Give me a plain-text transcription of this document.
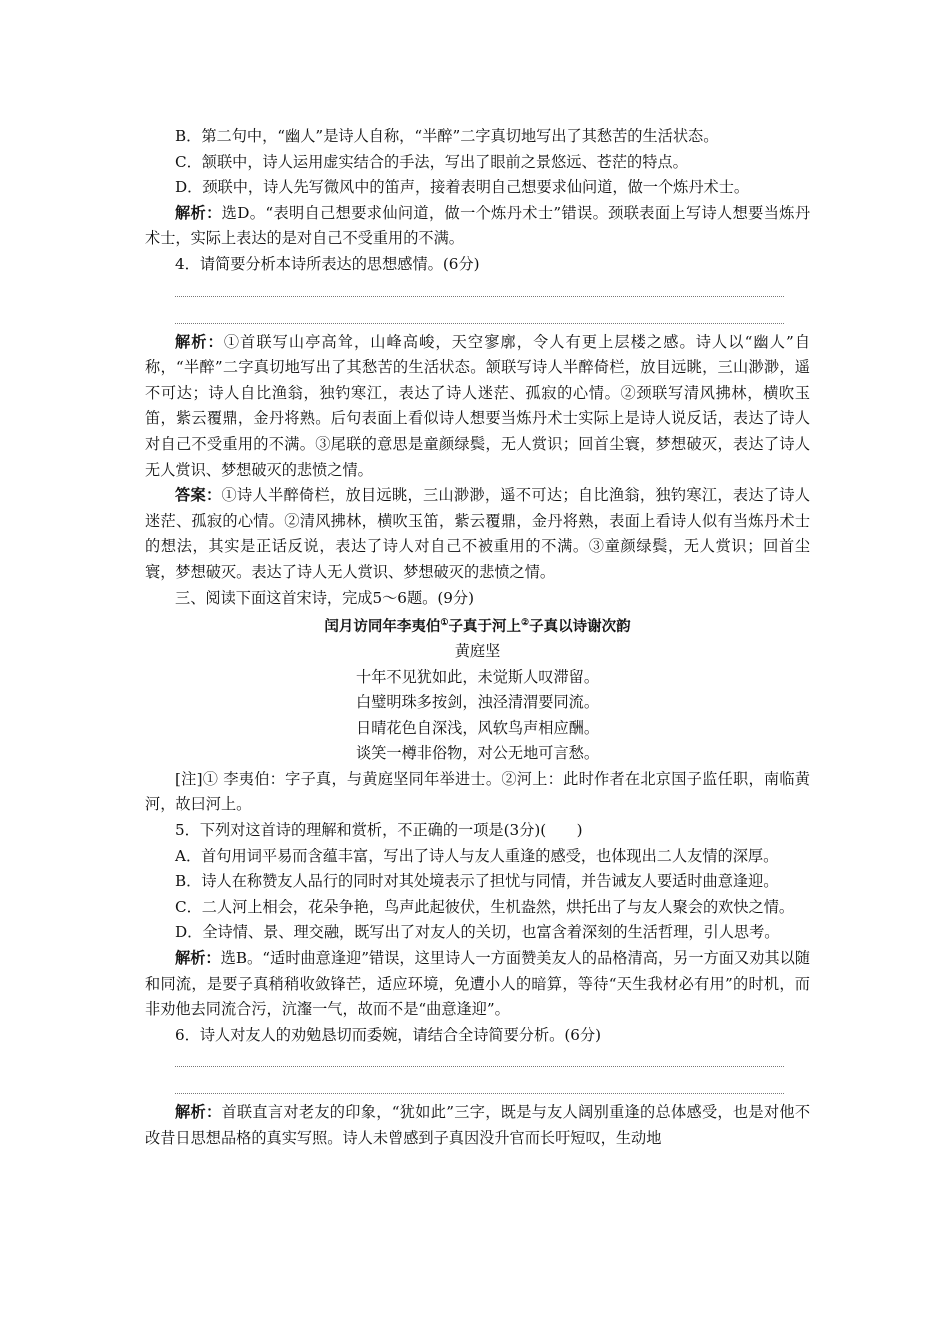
B．第二句中，“幽人”是诗人自称，“半醉”二字真切地写出了其愁苦的生活状态。

C．颔联中，诗人运用虚实结合的手法，写出了眼前之景悠远、苍茫的特点。

D．颈联中，诗人先写微风中的笛声，接着表明自己想要求仙问道，做一个炼丹术士。

解析：选D。“表明自己想要求仙问道，做一个炼丹术士”错误。颈联表面上写诗人想要当炼丹术士，实际上表达的是对自己不受重用的不满。

4．请简要分析本诗所表达的思想感情。(6分)

解析：①首联写山亭高耸，山峰高峻，天空寥廓，令人有更上层楼之感。诗人以“幽人”自称，“半醉”二字真切地写出了其愁苦的生活状态。颔联写诗人半醉倚栏，放目远眺，三山渺渺，遥不可达；诗人自比渔翁，独钓寒江，表达了诗人迷茫、孤寂的心情。②颈联写清风拂林，横吹玉笛，紫云覆鼎，金丹将熟。后句表面上看似诗人想要当炼丹术士实际上是诗人说反话，表达了诗人对自己不受重用的不满。③尾联的意思是童颜绿鬓，无人赏识；回首尘寰，梦想破灭，表达了诗人无人赏识、梦想破灭的悲愤之情。

答案：①诗人半醉倚栏，放目远眺，三山渺渺，遥不可达；自比渔翁，独钓寒江，表达了诗人迷茫、孤寂的心情。②清风拂林，横吹玉笛，紫云覆鼎，金丹将熟，表面上看诗人似有当炼丹术士的想法，其实是正话反说，表达了诗人对自己不被重用的不满。③童颜绿鬓，无人赏识；回首尘寰，梦想破灭。表达了诗人无人赏识、梦想破灭的悲愤之情。

三、阅读下面这首宋诗，完成5～6题。(9分)

闰月访同年李夷伯①子真于河上②子真以诗谢次韵

黄庭坚

十年不见犹如此，未觉斯人叹滞留。

白璧明珠多按剑，浊泾清渭要同流。

日晴花色自深浅，风软鸟声相应酬。

谈笑一樽非俗物，对公无地可言愁。

[注]① 李夷伯：字子真，与黄庭坚同年举进士。②河上：此时作者在北京国子监任职，南临黄河，故曰河上。

5．下列对这首诗的理解和赏析，不正确的一项是(3分)(　　)

A．首句用词平易而含蕴丰富，写出了诗人与友人重逢的感受，也体现出二人友情的深厚。

B．诗人在称赞友人品行的同时对其处境表示了担忧与同情，并告诫友人要适时曲意逢迎。

C．二人河上相会，花朵争艳，鸟声此起彼伏，生机盎然，烘托出了与友人聚会的欢快之情。

D．全诗情、景、理交融，既写出了对友人的关切，也富含着深刻的生活哲理，引人思考。

解析：选B。“适时曲意逢迎”错误，这里诗人一方面赞美友人的品格清高，另一方面又劝其以随和同流，是要子真稍稍收敛锋芒，适应环境，免遭小人的暗算，等待“天生我材必有用”的时机，而非劝他去同流合污，沆瀣一气，故而不是“曲意逢迎”。

6．诗人对友人的劝勉恳切而委婉，请结合全诗简要分析。(6分)

解析：首联直言对老友的印象，“犹如此”三字，既是与友人阔别重逢的总体感受，也是对他不改昔日思想品格的真实写照。诗人未曾感到子真因没升官而长吁短叹，生动地
